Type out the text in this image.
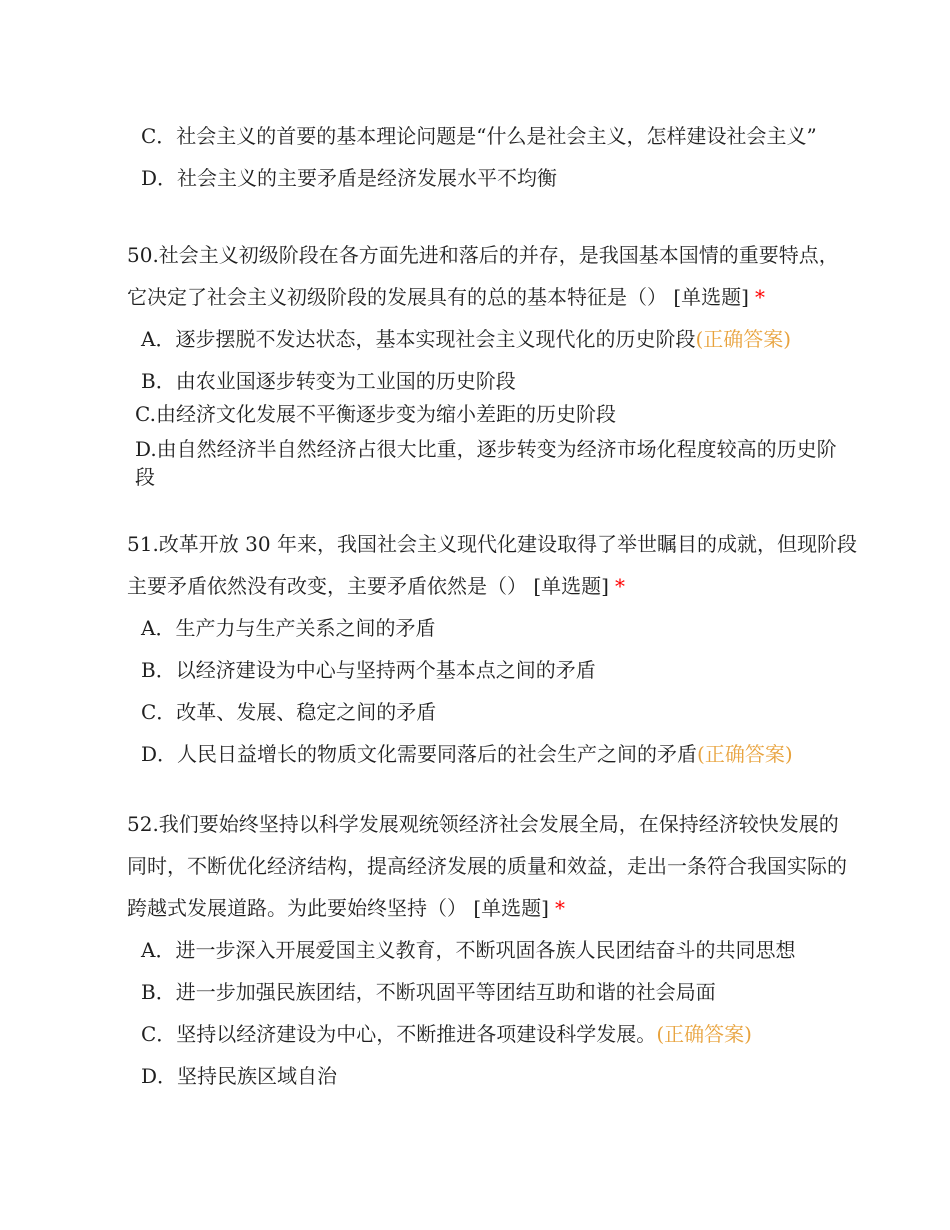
C．社会主义的首要的基本理论问题是“什么是社会主义，怎样建设社会主义”

D．社会主义的主要矛盾是经济发展水平不均衡

50.社会主义初级阶段在各方面先进和落后的并存，是我国基本国情的重要特点，

它决定了社会主义初级阶段的发展具有的总的基本特征是（） [单选题] *

A．逐步摆脱不发达状态，基本实现社会主义现代化的历史阶段(正确答案)

B．由农业国逐步转变为工业国的历史阶段

C.由经济文化发展不平衡逐步变为缩小差距的历史阶段

D.由自然经济半自然经济占很大比重，逐步转变为经济市场化程度较高的历史阶
段

51.改革开放 30 年来，我国社会主义现代化建设取得了举世瞩目的成就，但现阶段

主要矛盾依然没有改变，主要矛盾依然是（） [单选题] *

A．生产力与生产关系之间的矛盾

B．以经济建设为中心与坚持两个基本点之间的矛盾

C．改革、发展、稳定之间的矛盾

D．人民日益增长的物质文化需要同落后的社会生产之间的矛盾(正确答案)

52.我们要始终坚持以科学发展观统领经济社会发展全局，在保持经济较快发展的

同时，不断优化经济结构，提高经济发展的质量和效益，走出一条符合我国实际的

跨越式发展道路。为此要始终坚持（） [单选题] *

A．进一步深入开展爱国主义教育，不断巩固各族人民团结奋斗的共同思想

B．进一步加强民族团结，不断巩固平等团结互助和谐的社会局面

C．坚持以经济建设为中心，不断推进各项建设科学发展。(正确答案)

D．坚持民族区域自治
